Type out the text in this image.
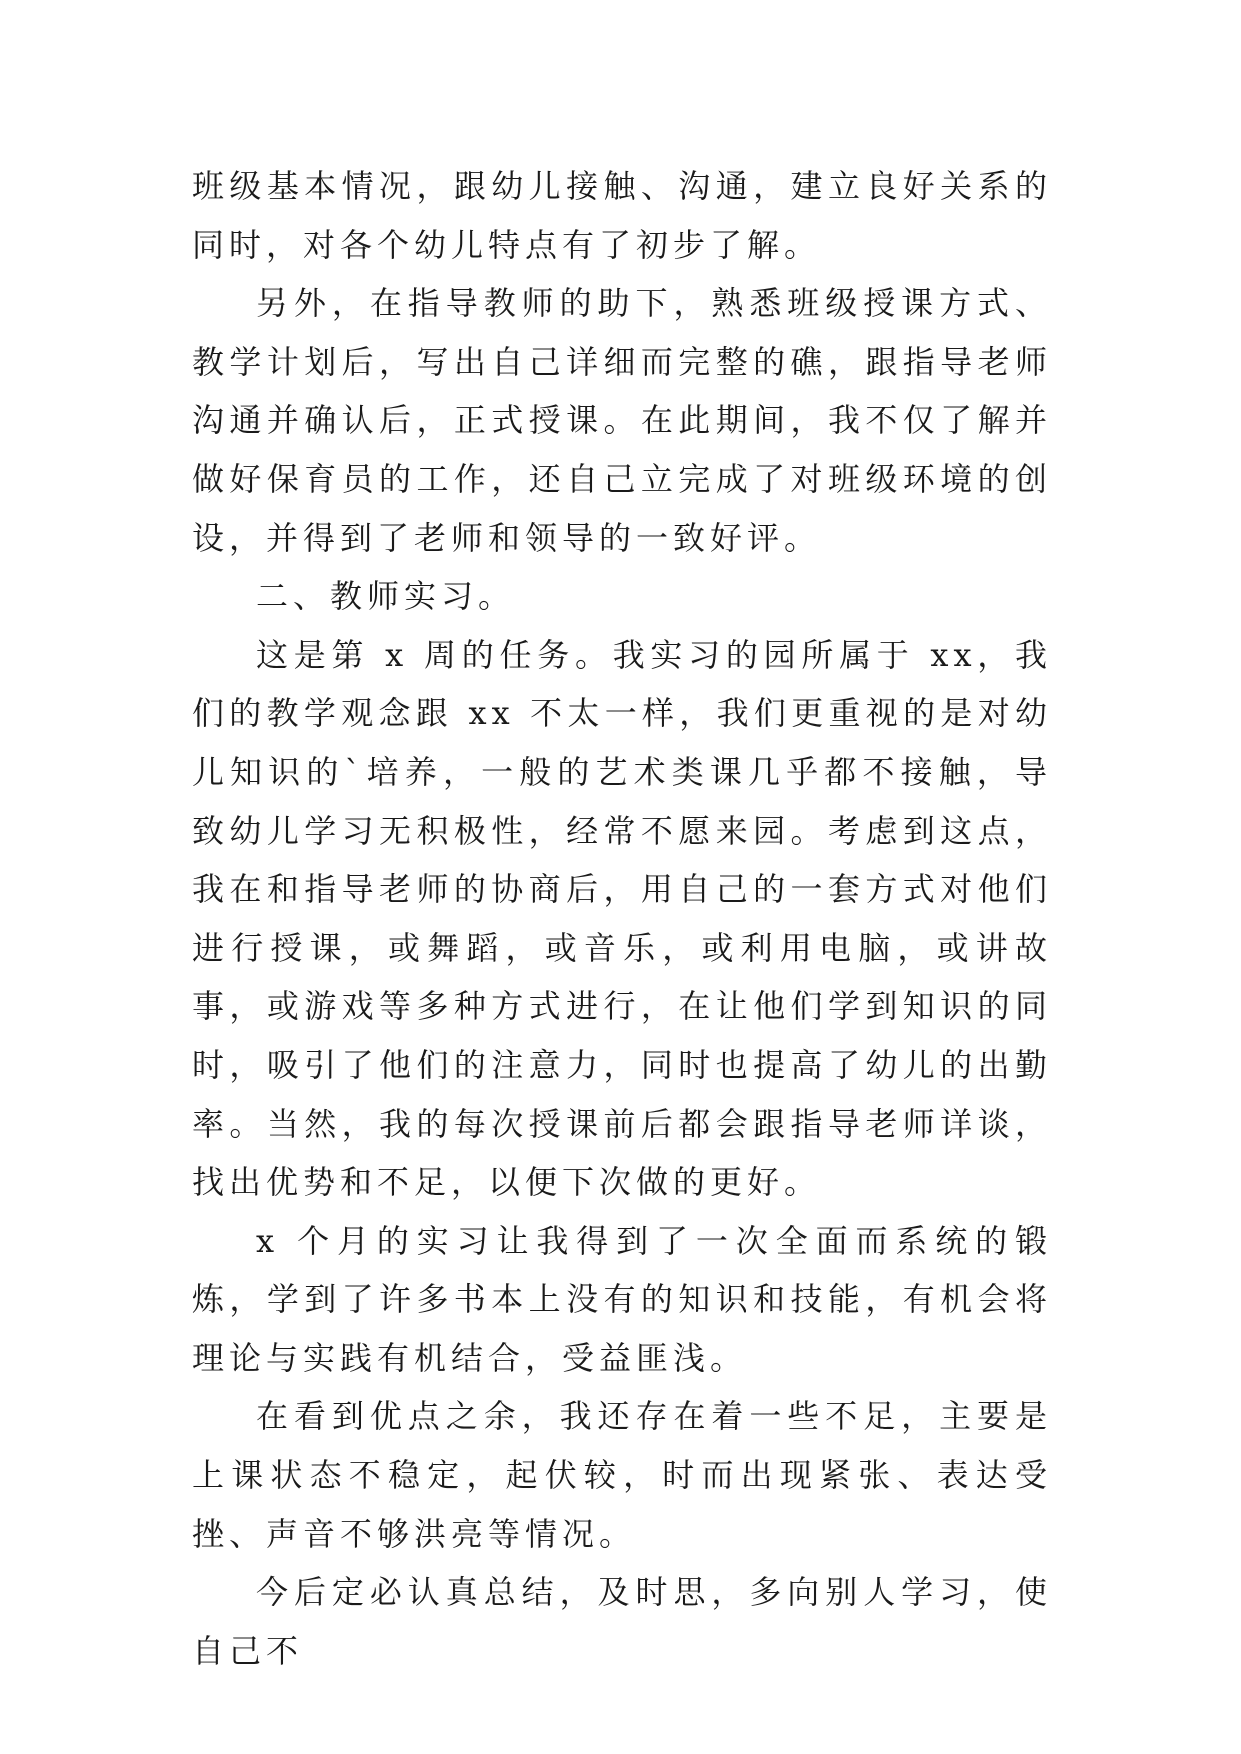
班级基本情况，跟幼儿接触、沟通，建立良好关系的同时，对各个幼儿特点有了初步了解。

另外，在指导教师的助下，熟悉班级授课方式、教学计划后，写出自己详细而完整的礁，跟指导老师沟通并确认后，正式授课。在此期间，我不仅了解并做好保育员的工作，还自己立完成了对班级环境的创设，并得到了老师和领导的一致好评。

二、教师实习。

这是第 x 周的任务。我实习的园所属于 xx，我们的教学观念跟 xx 不太一样，我们更重视的是对幼儿知识的`培养，一般的艺术类课几乎都不接触，导致幼儿学习无积极性，经常不愿来园。考虑到这点，我在和指导老师的协商后，用自己的一套方式对他们进行授课，或舞蹈，或音乐，或利用电脑，或讲故事，或游戏等多种方式进行，在让他们学到知识的同时，吸引了他们的注意力，同时也提高了幼儿的出勤率。当然，我的每次授课前后都会跟指导老师详谈，找出优势和不足，以便下次做的更好。

x 个月的实习让我得到了一次全面而系统的锻炼，学到了许多书本上没有的知识和技能，有机会将理论与实践有机结合，受益匪浅。

在看到优点之余，我还存在着一些不足，主要是上课状态不稳定，起伏较，时而出现紧张、表达受挫、声音不够洪亮等情况。

今后定必认真总结，及时思，多向别人学习，使自己不
